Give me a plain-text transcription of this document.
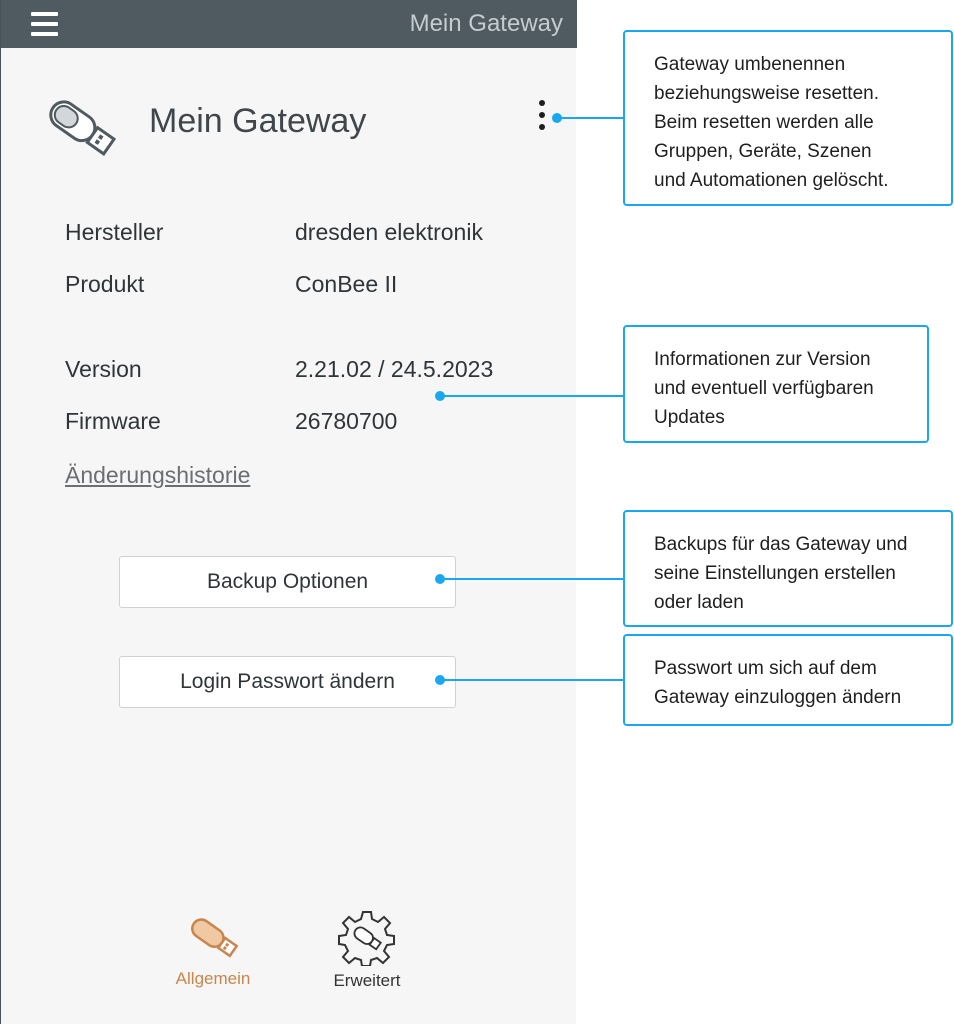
Mein Gateway
Mein Gateway
Hersteller	dresden elektronik
Produkt	ConBee II
Version	2.21.02 / 24.5.2023
Firmware	26780700
Änderungshistorie
Backup Optionen
Login Passwort ändern
Allgemein	Erweitert
Gateway umbenennen
beziehungsweise resetten.
Beim resetten werden alle
Gruppen, Geräte, Szenen
und Automationen gelöscht.
Informationen zur Version
und eventuell verfügbaren
Updates
Backups für das Gateway und
seine Einstellungen erstellen
oder laden
Passwort um sich auf dem
Gateway einzuloggen ändern
